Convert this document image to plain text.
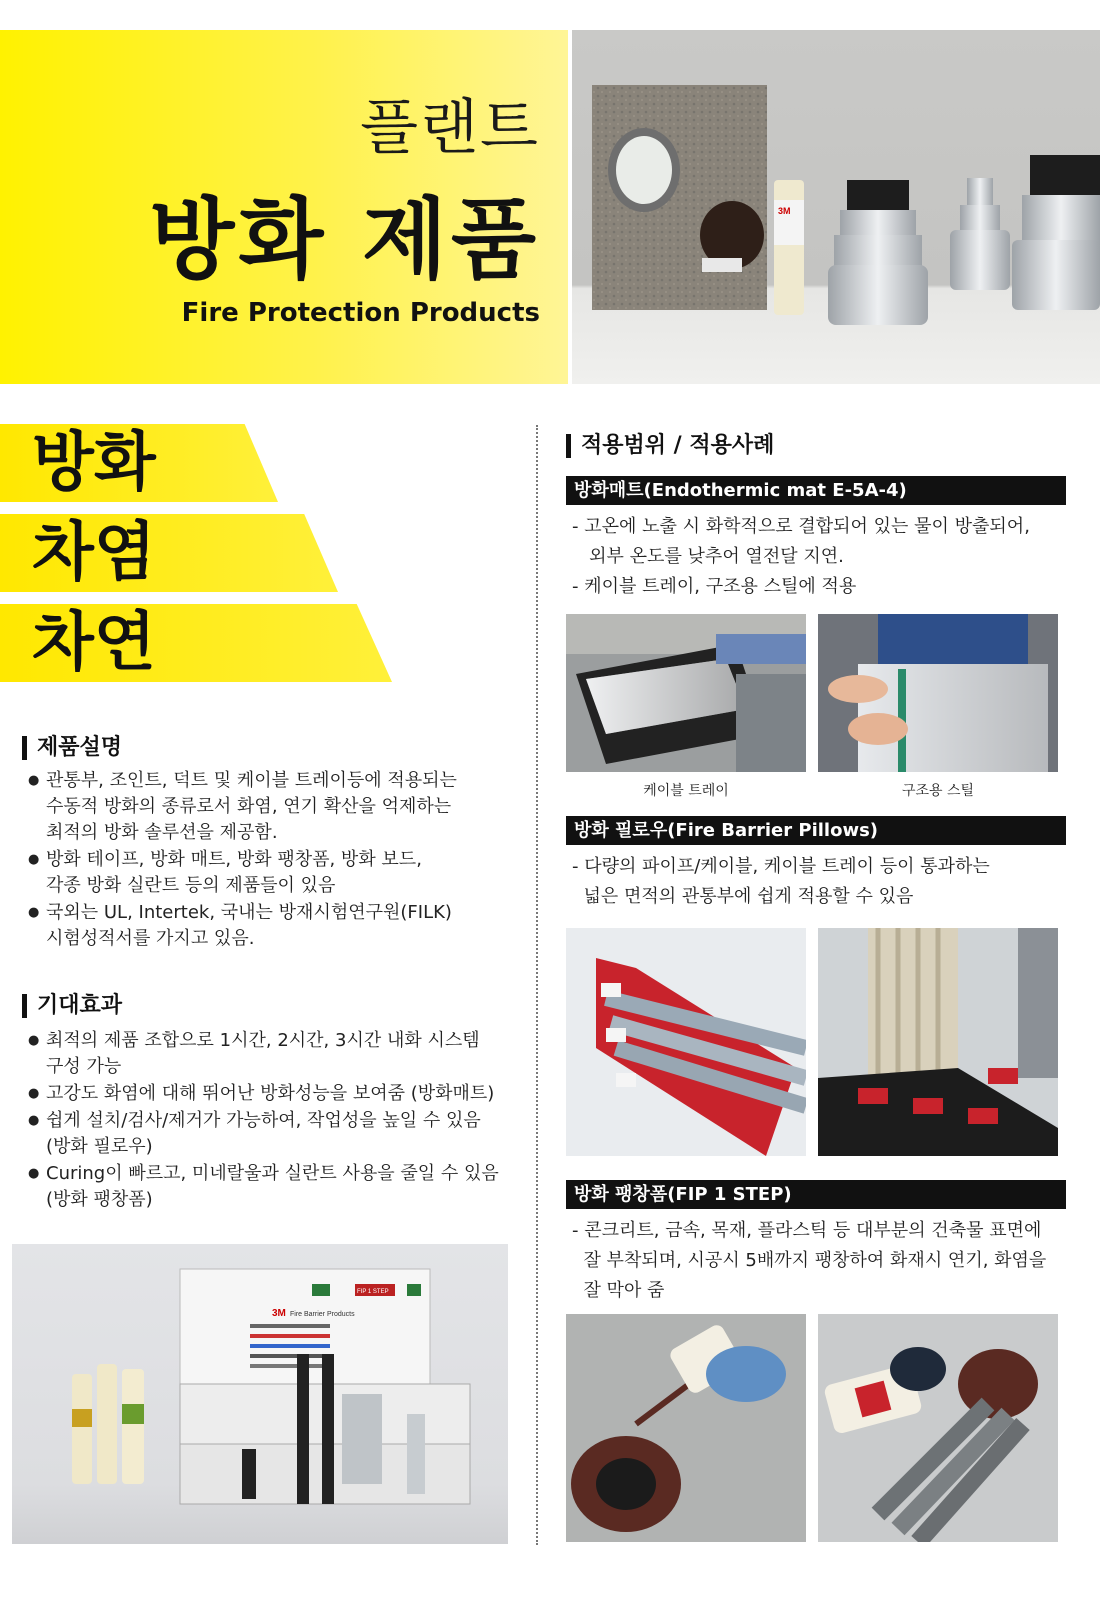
플랜트
방화 제품
Fire Protection Products
3M
방화
차염
차연
제품설명
● 관통부, 조인트, 덕트 및 케이블 트레이등에 적용되는
수동적 방화의 종류로서 화염, 연기 확산을 억제하는
최적의 방화 솔루션을 제공함.
● 방화 테이프, 방화 매트, 방화 팽창폼, 방화 보드,
각종 방화 실란트 등의 제품들이 있음
● 국외는 UL, Intertek, 국내는 방재시험연구원(FILK)
시험성적서를 가지고 있음.
기대효과
● 최적의 제품 조합으로 1시간, 2시간, 3시간 내화 시스템
구성 가능
● 고강도 화염에 대해 뛰어난 방화성능을 보여줌 (방화매트)
● 쉽게 설치/검사/제거가 가능하여, 작업성을 높일 수 있음
(방화 필로우)
● Curing이 빠르고, 미네랄울과 실란트 사용을 줄일 수 있음
(방화 팽창폼)
3M Fire Barrier Products
FIP 1 STEP
적용범위 / 적용사례
방화매트(Endothermic mat E-5A-4)
- 고온에 노출 시 화학적으로 결합되어 있는 물이 방출되어,
외부 온도를 낮추어 열전달 지연.
- 케이블 트레이, 구조용 스틸에 적용
케이블 트레이	구조용 스틸
방화 필로우(Fire Barrier Pillows)
- 다량의 파이프/케이블, 케이블 트레이 등이 통과하는
넓은 면적의 관통부에 쉽게 적용할 수 있음
방화 팽창폼(FIP 1 STEP)
- 콘크리트, 금속, 목재, 플라스틱 등 대부분의 건축물 표면에
잘 부착되며, 시공시 5배까지 팽창하여 화재시 연기, 화염을
잘 막아 줌
